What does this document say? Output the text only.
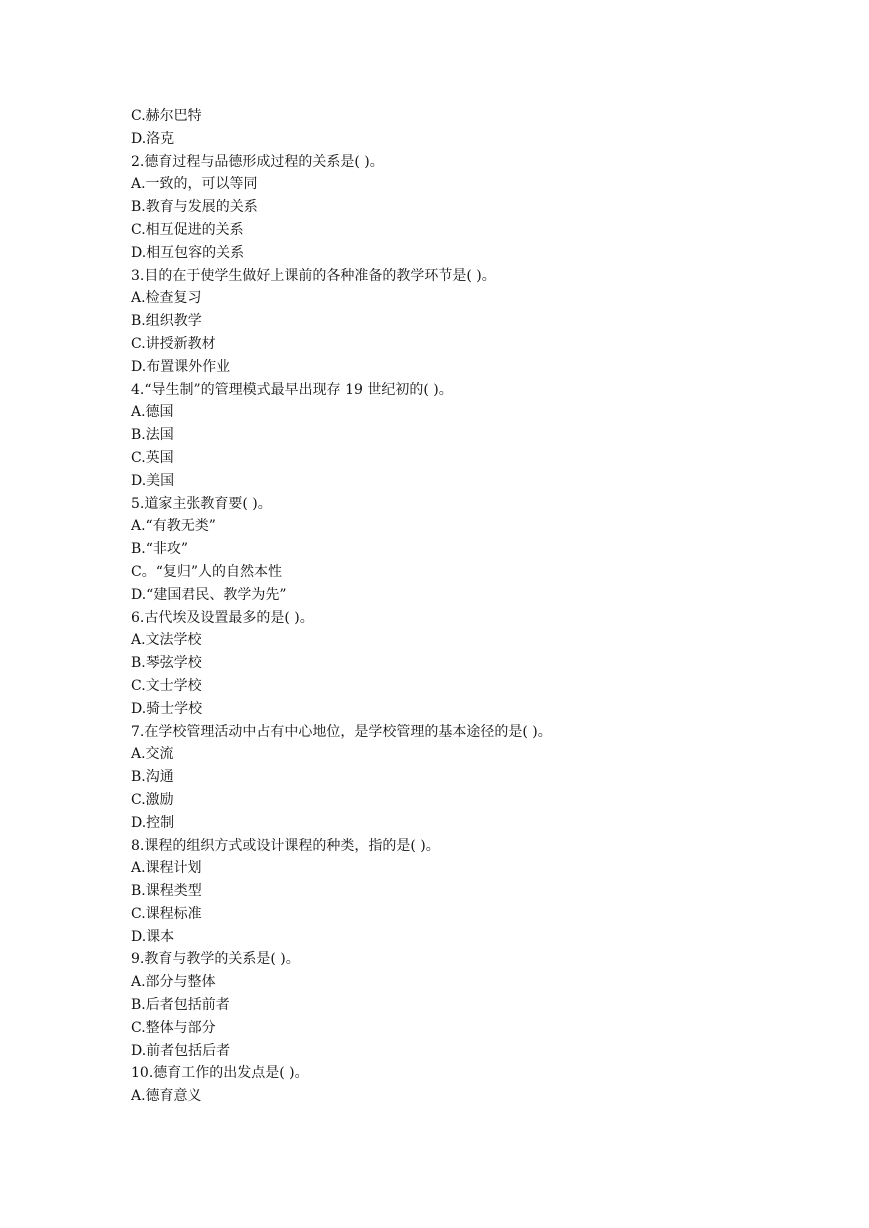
C.赫尔巴特
D.洛克
2.德育过程与品德形成过程的关系是( )。
A.一致的，可以等同
B.教育与发展的关系
C.相互促进的关系
D.相互包容的关系
3.目的在于使学生做好上课前的各种准备的教学环节是( )。
A.检查复习
B.组织教学
C.讲授新教材
D.布置课外作业
4.“导生制”的管理模式最早出现存 19 世纪初的( )。
A.德国
B.法国
C.英国
D.美国
5.道家主张教育要( )。
A.“有教无类”
B.“非攻”
C。“复归”人的自然本性
D.“建国君民、教学为先”
6.古代埃及设置最多的是( )。
A.文法学校
B.琴弦学校
C.文士学校
D.骑士学校
7.在学校管理活动中占有中心地位，是学校管理的基本途径的是( )。
A.交流
B.沟通
C.激励
D.控制
8.课程的组织方式或设计课程的种类，指的是( )。
A.课程计划
B.课程类型
C.课程标准
D.课本
9.教育与教学的关系是( )。
A.部分与整体
B.后者包括前者
C.整体与部分
D.前者包括后者
10.德育工作的出发点是( )。
A.德育意义
